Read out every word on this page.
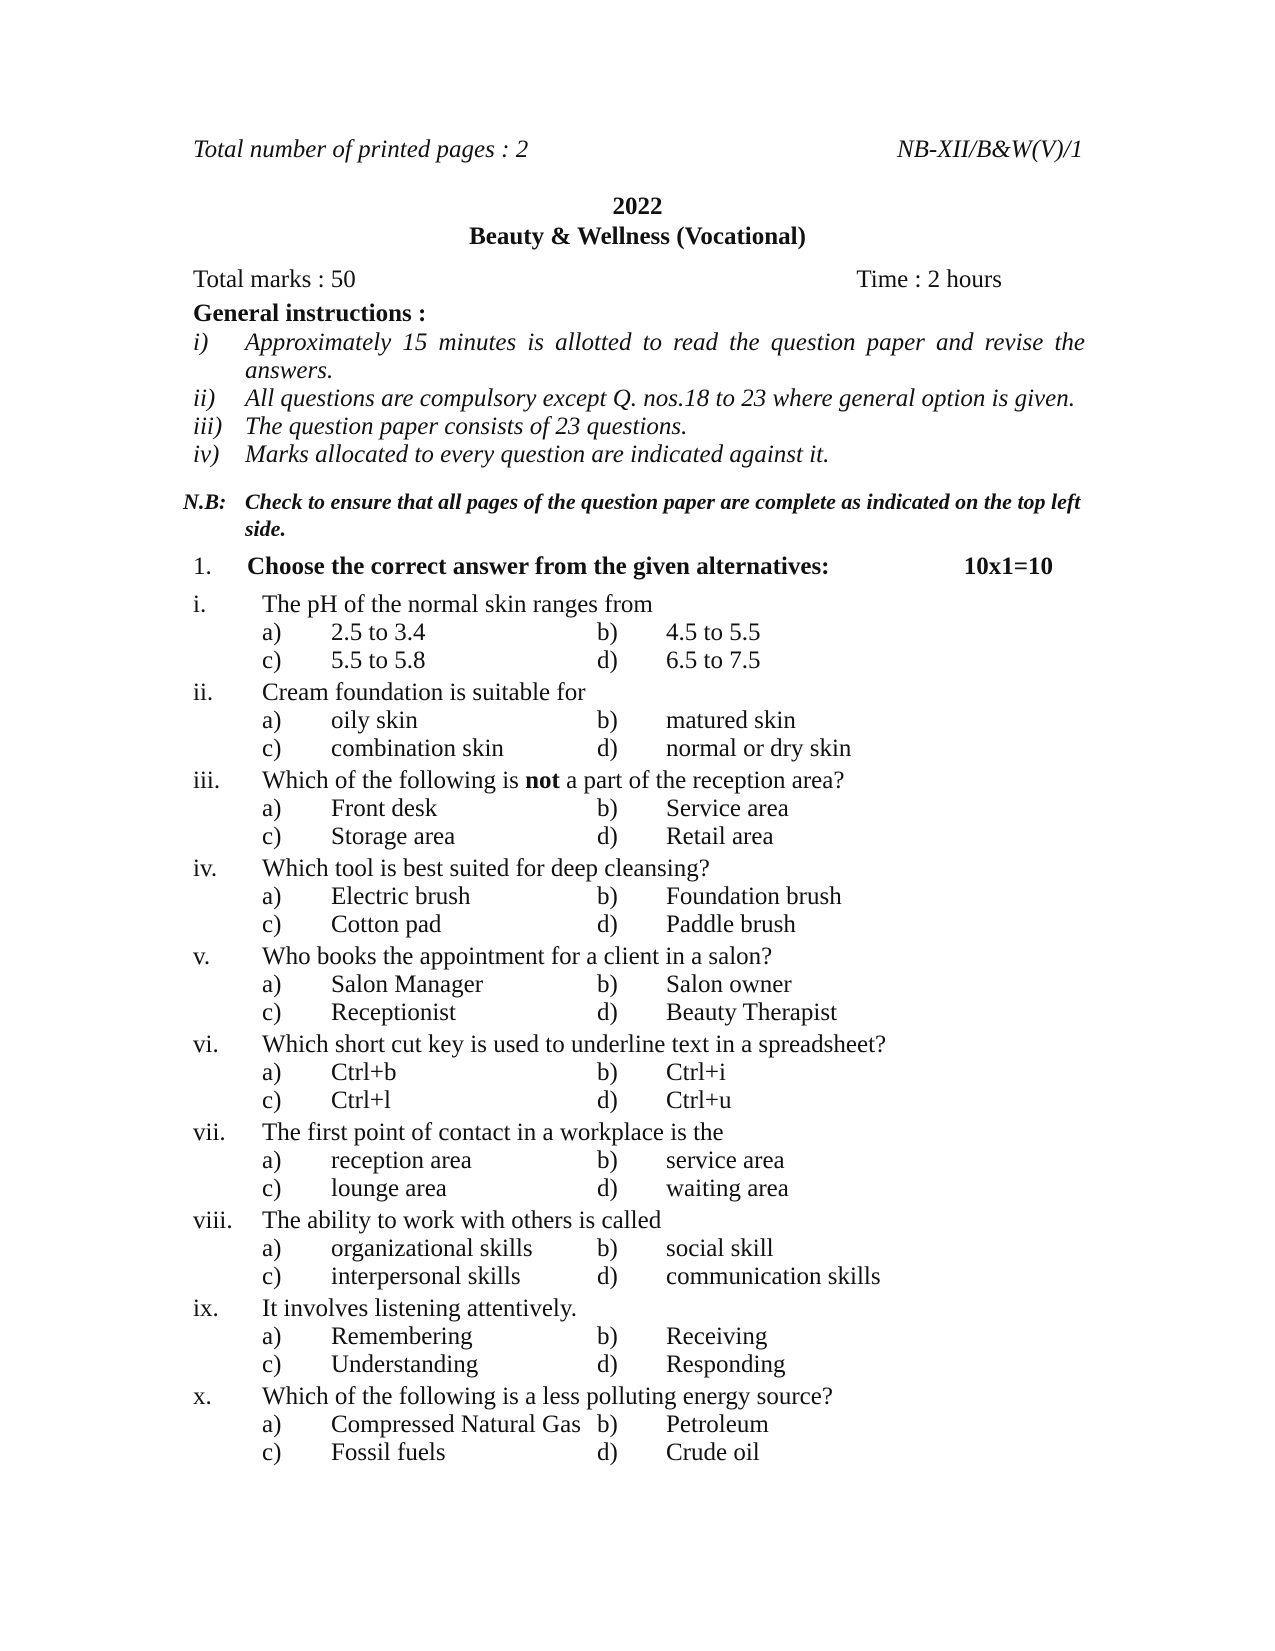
Total number of printed pages : 2	NB-XII/B&W(V)/1
2022
Beauty & Wellness (Vocational)
Total marks : 50	Time : 2 hours
General instructions :
i)	Approximately 15 minutes is allotted to read the question paper and revise the answers.
ii)	All questions are compulsory except Q. nos.18 to 23 where general option is given.
iii) The question paper consists of 23 questions.
iv)	Marks allocated to every question are indicated against it.
N.B: Check to ensure that all pages of the question paper are complete as indicated on the top left side.
1.	Choose the correct answer from the given alternatives:	10x1=10
i.	The pH of the normal skin ranges from
a)	2.5 to 3.4	b)	4.5 to 5.5
c)	5.5 to 5.8	d)	6.5 to 7.5
ii.	Cream foundation is suitable for
a)	oily skin	b)	matured skin
c)	combination skin	d)	normal or dry skin
iii.	Which of the following is not a part of the reception area?
a)	Front desk	b)	Service area
c)	Storage area	d)	Retail area
iv.	Which tool is best suited for deep cleansing?
a)	Electric brush	b)	Foundation brush
c)	Cotton pad	d)	Paddle brush
v.	Who books the appointment for a client in a salon?
a)	Salon Manager	b)	Salon owner
c)	Receptionist	d)	Beauty Therapist
vi.	Which short cut key is used to underline text in a spreadsheet?
a)	Ctrl+b	b)	Ctrl+i
c)	Ctrl+l	d)	Ctrl+u
vii.	The first point of contact in a workplace is the
a)	reception area	b)	service area
c)	lounge area	d)	waiting area
viii.	The ability to work with others is called
a)	organizational skills	b)	social skill
c)	interpersonal skills	d)	communication skills
ix.	It involves listening attentively.
a)	Remembering	b)	Receiving
c)	Understanding	d)	Responding
x.	Which of the following is a less polluting energy source?
a)	Compressed Natural Gas b)	Petroleum
c)	Fossil fuels	d)	Crude oil
